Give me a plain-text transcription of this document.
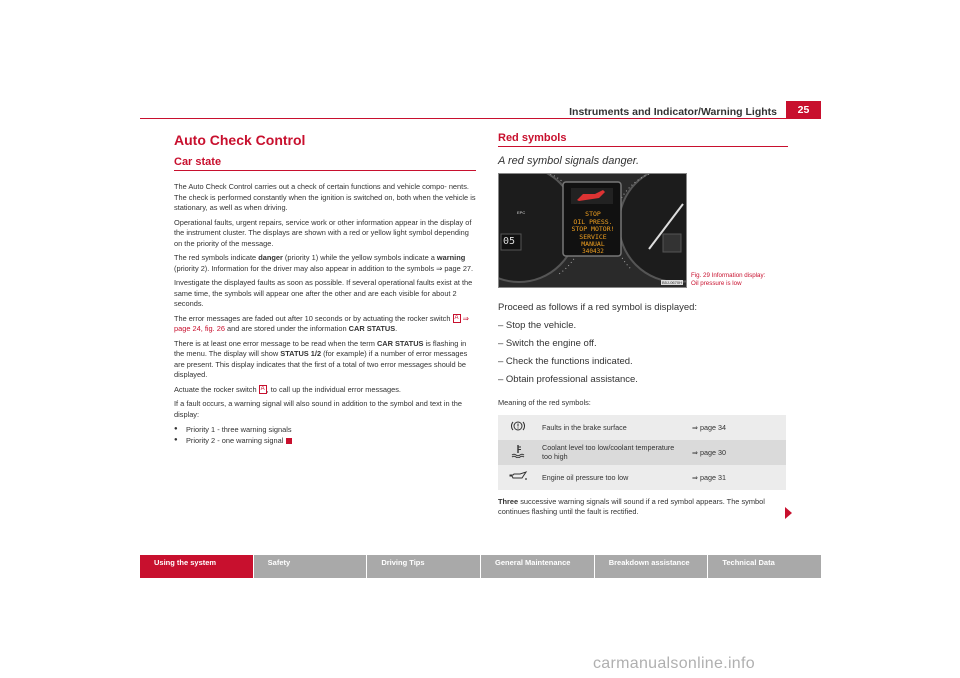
Instruments and Indicator/Warning Lights	25
Auto Check Control
Car state

The Auto Check Control carries out a check of certain functions and vehicle compo- nents. The check is performed constantly when the ignition is switched on, both when the vehicle is stationary, as well as when driving.

Operational faults, urgent repairs, service work or other information appear in the display of the instrument cluster. The displays are shown with a red or yellow light symbol depending on the priority of the message.

The red symbols indicate danger (priority 1) while the yellow symbols indicate a warning (priority 2). Information for the driver may also appear in addition to the symbols ⇒ page 27.

Investigate the displayed faults as soon as possible. If several operational faults exist at the same time, the symbols will appear one after the other and are each visible for about 2 seconds.

The error messages are faded out after 10 seconds or by actuating the rocker switch A ⇒ page 24, fig. 26 and are stored under the information CAR STATUS.

There is at least one error message to be read when the term CAR STATUS is flashing in the menu. The display will show STATUS 1/2 (for example) if a number of error messages are present. This display indicates that the first of a total of two error messages should be displayed.

Actuate the rocker switch A , to call up the individual error messages.

If a fault occurs, a warning signal will also sound in addition to the symbol and text in the display:

● Priority 1 - three warning signals
● Priority 2 - one warning signal
Red symbols
A red symbol signals danger.
STOP
OIL PRESS.
STOP MOTOR!
SERVICE
MANUAL
340432
05
EPC
B5J-0670H
Proceed as follows if a red symbol is displayed:
– Stop the vehicle.
– Switch the engine off.
– Check the functions indicated.
– Obtain professional assistance.

Meaning of the red symbols:

	Faults in the brake surface	⇒ page 34
	Coolant level too low/coolant temperature too high	⇒ page 30
	Engine oil pressure too low	⇒ page 31

Three successive warning signals will sound if a red symbol appears. The symbol continues flashing until the fault is rectified.

Fig. 29 Information display:
Oil pressure is low
Using the system	Safety	Driving Tips	General Maintenance	Breakdown assistance	Technical Data
carmanualsonline.info
